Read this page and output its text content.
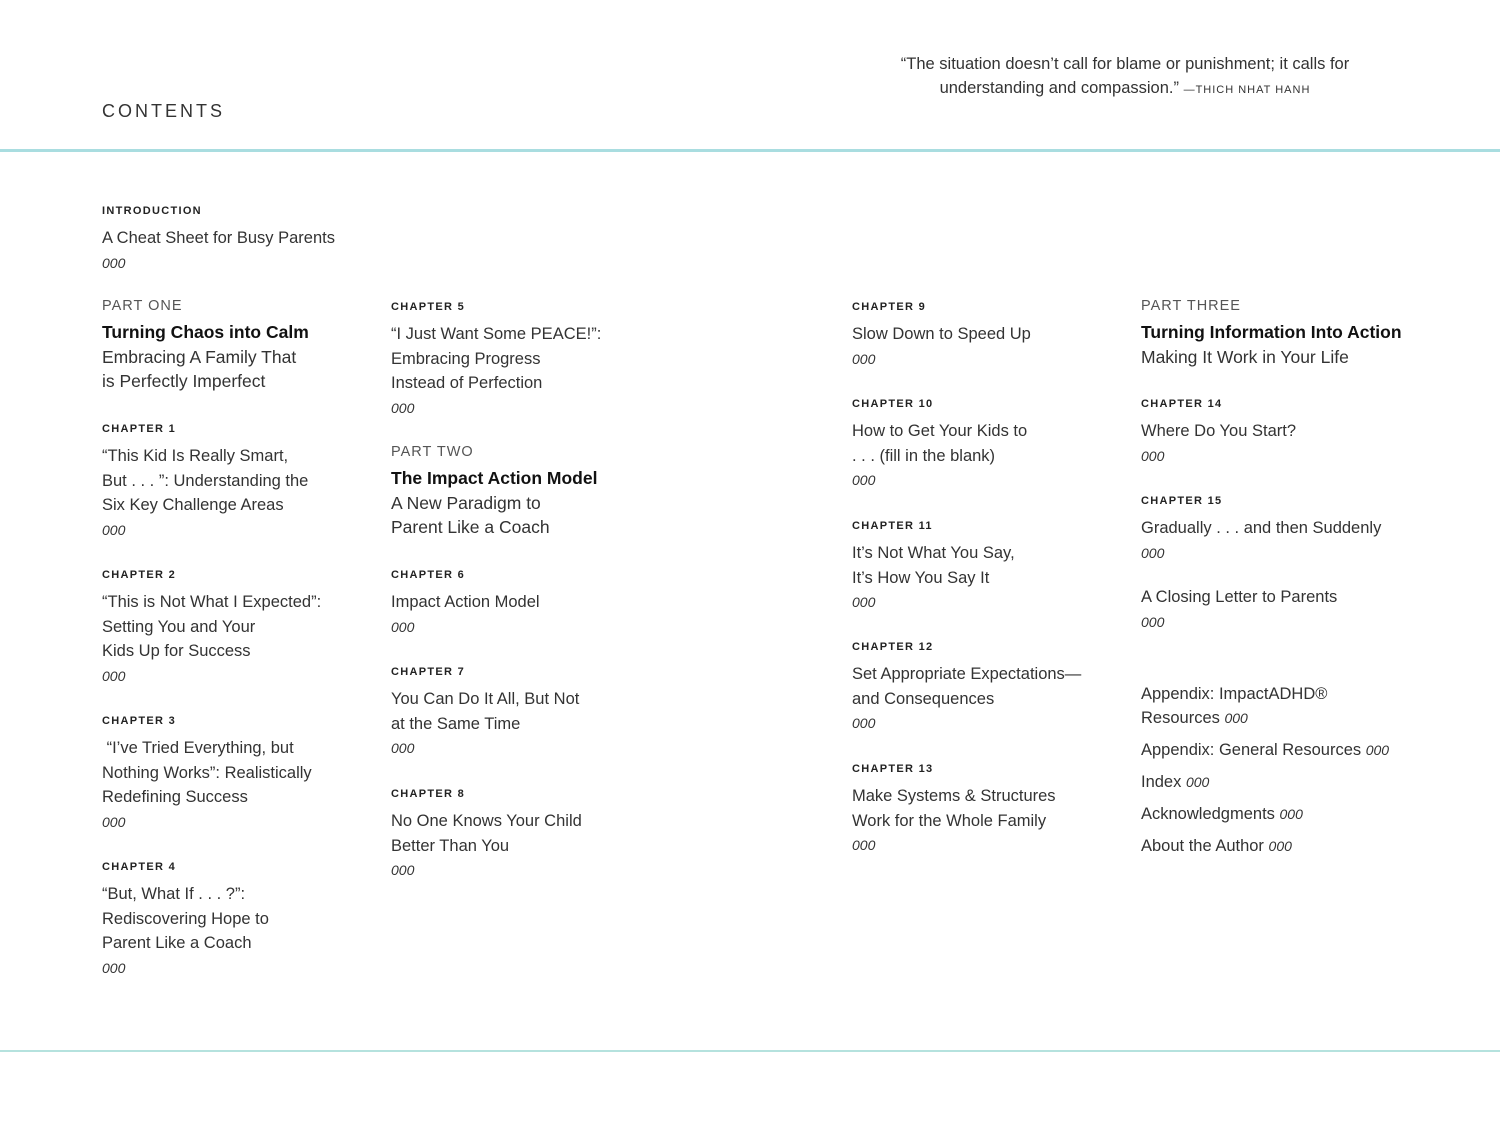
CONTENTS
“The situation doesn’t call for blame or punishment; it calls for
understanding and compassion.” —THICH NHAT HANH
INTRODUCTION
A Cheat Sheet for Busy Parents
000
PART ONE
Turning Chaos into Calm
Embracing A Family That
is Perfectly Imperfect
CHAPTER 1
“This Kid Is Really Smart,
But . . . ”: Understanding the
Six Key Challenge Areas
000
CHAPTER 2
“This is Not What I Expected”:
Setting You and Your
Kids Up for Success
000
CHAPTER 3
“I’ve Tried Everything, but
Nothing Works”: Realistically
Redefining Success
000
CHAPTER 4
“But, What If . . . ?”:
Rediscovering Hope to
Parent Like a Coach
000
CHAPTER 5
“I Just Want Some PEACE!”:
Embracing Progress
Instead of Perfection
000
PART TWO
The Impact Action Model
A New Paradigm to
Parent Like a Coach
CHAPTER 6
Impact Action Model
000
CHAPTER 7
You Can Do It All, But Not
at the Same Time
000
CHAPTER 8
No One Knows Your Child
Better Than You
000
CHAPTER 9
Slow Down to Speed Up
000
CHAPTER 10
How to Get Your Kids to
. . . (fill in the blank)
000
CHAPTER 11
It’s Not What You Say,
It’s How You Say It
000
CHAPTER 12
Set Appropriate Expectations—
and Consequences
000
CHAPTER 13
Make Systems & Structures
Work for the Whole Family
000
PART THREE
Turning Information Into Action
Making It Work in Your Life
CHAPTER 14
Where Do You Start?
000
CHAPTER 15
Gradually . . . and then Suddenly
000
A Closing Letter to Parents
000
Appendix: ImpactADHD®
Resources 000
Appendix: General Resources 000
Index 000
Acknowledgments 000
About the Author 000
